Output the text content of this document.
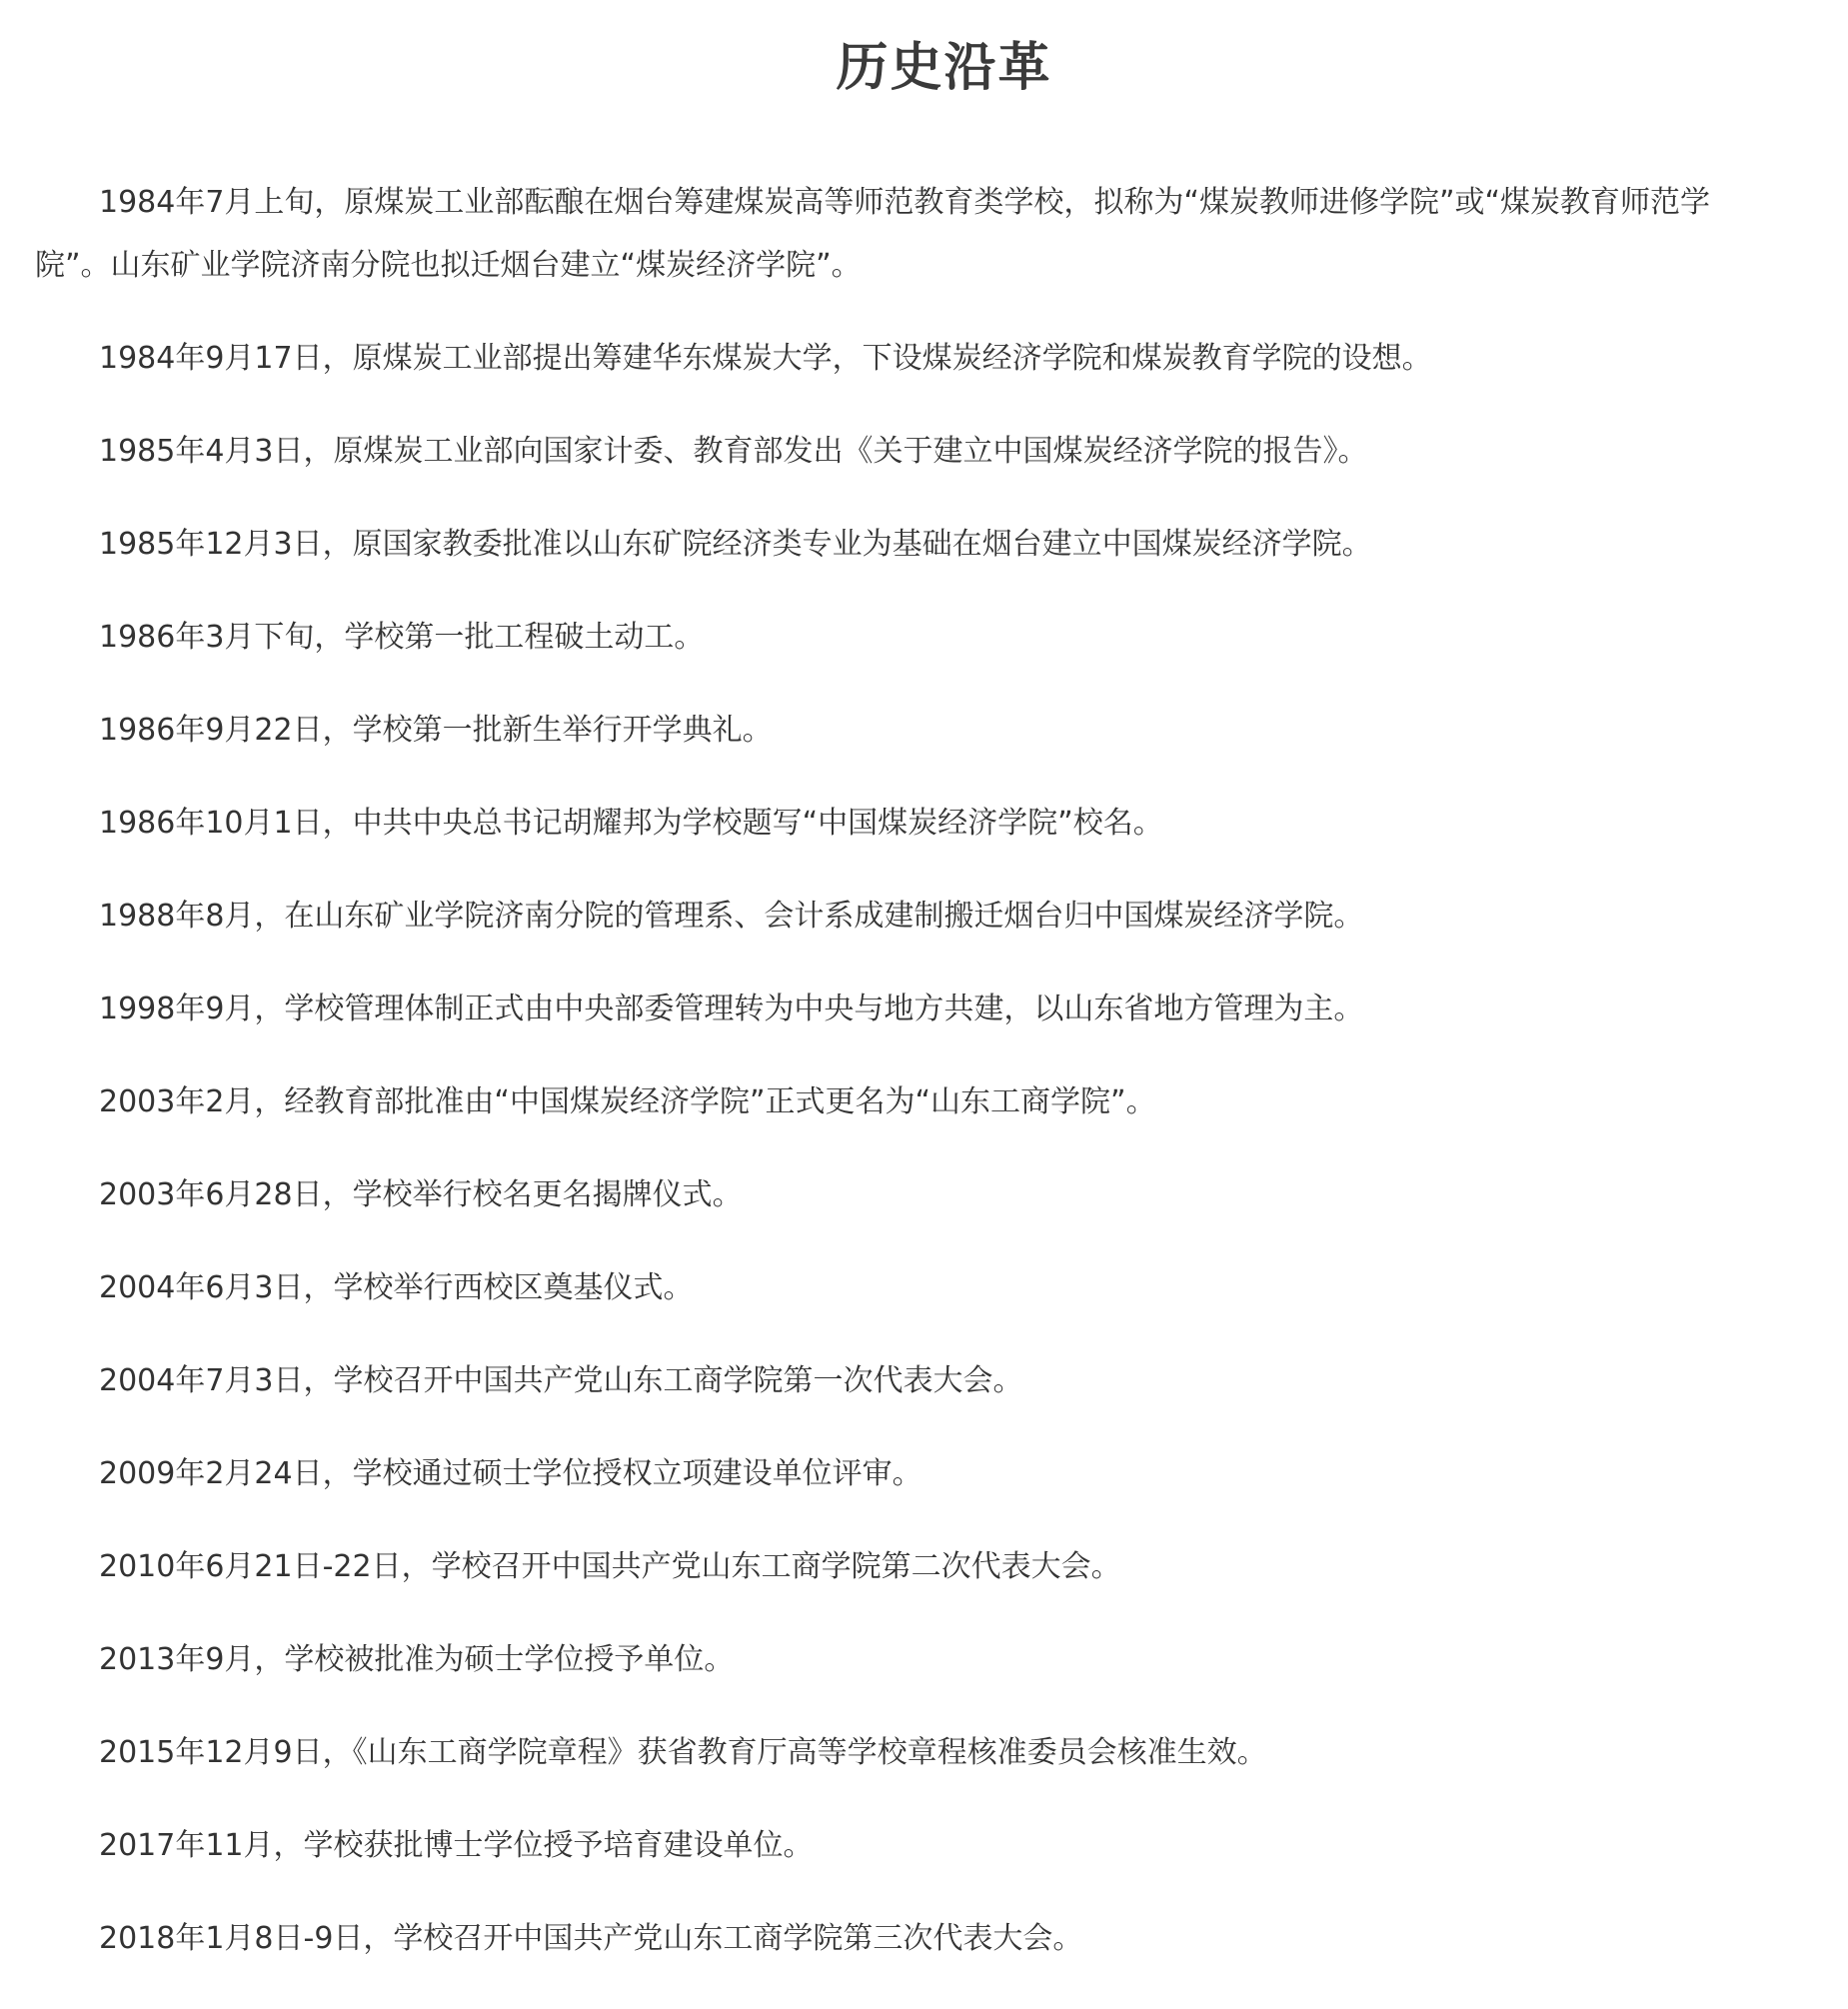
历史沿革

1984年7月上旬，原煤炭工业部酝酿在烟台筹建煤炭高等师范教育类学校，拟称为“煤炭教师进修学院”或“煤炭教育师范学院”。山东矿业学院济南分院也拟迁烟台建立“煤炭经济学院”。

1984年9月17日，原煤炭工业部提出筹建华东煤炭大学，下设煤炭经济学院和煤炭教育学院的设想。

1985年4月3日，原煤炭工业部向国家计委、教育部发出《关于建立中国煤炭经济学院的报告》。

1985年12月3日，原国家教委批准以山东矿院经济类专业为基础在烟台建立中国煤炭经济学院。

1986年3月下旬，学校第一批工程破土动工。

1986年9月22日，学校第一批新生举行开学典礼。

1986年10月1日，中共中央总书记胡耀邦为学校题写“中国煤炭经济学院”校名。

1988年8月，在山东矿业学院济南分院的管理系、会计系成建制搬迁烟台归中国煤炭经济学院。

1998年9月，学校管理体制正式由中央部委管理转为中央与地方共建，以山东省地方管理为主。

2003年2月，经教育部批准由“中国煤炭经济学院”正式更名为“山东工商学院”。

2003年6月28日，学校举行校名更名揭牌仪式。

2004年6月3日，学校举行西校区奠基仪式。

2004年7月3日，学校召开中国共产党山东工商学院第一次代表大会。

2009年2月24日，学校通过硕士学位授权立项建设单位评审。

2010年6月21日-22日，学校召开中国共产党山东工商学院第二次代表大会。

2013年9月，学校被批准为硕士学位授予单位。

2015年12月9日，《山东工商学院章程》获省教育厅高等学校章程核准委员会核准生效。

2017年11月，学校获批博士学位授予培育建设单位。

2018年1月8日-9日，学校召开中国共产党山东工商学院第三次代表大会。
